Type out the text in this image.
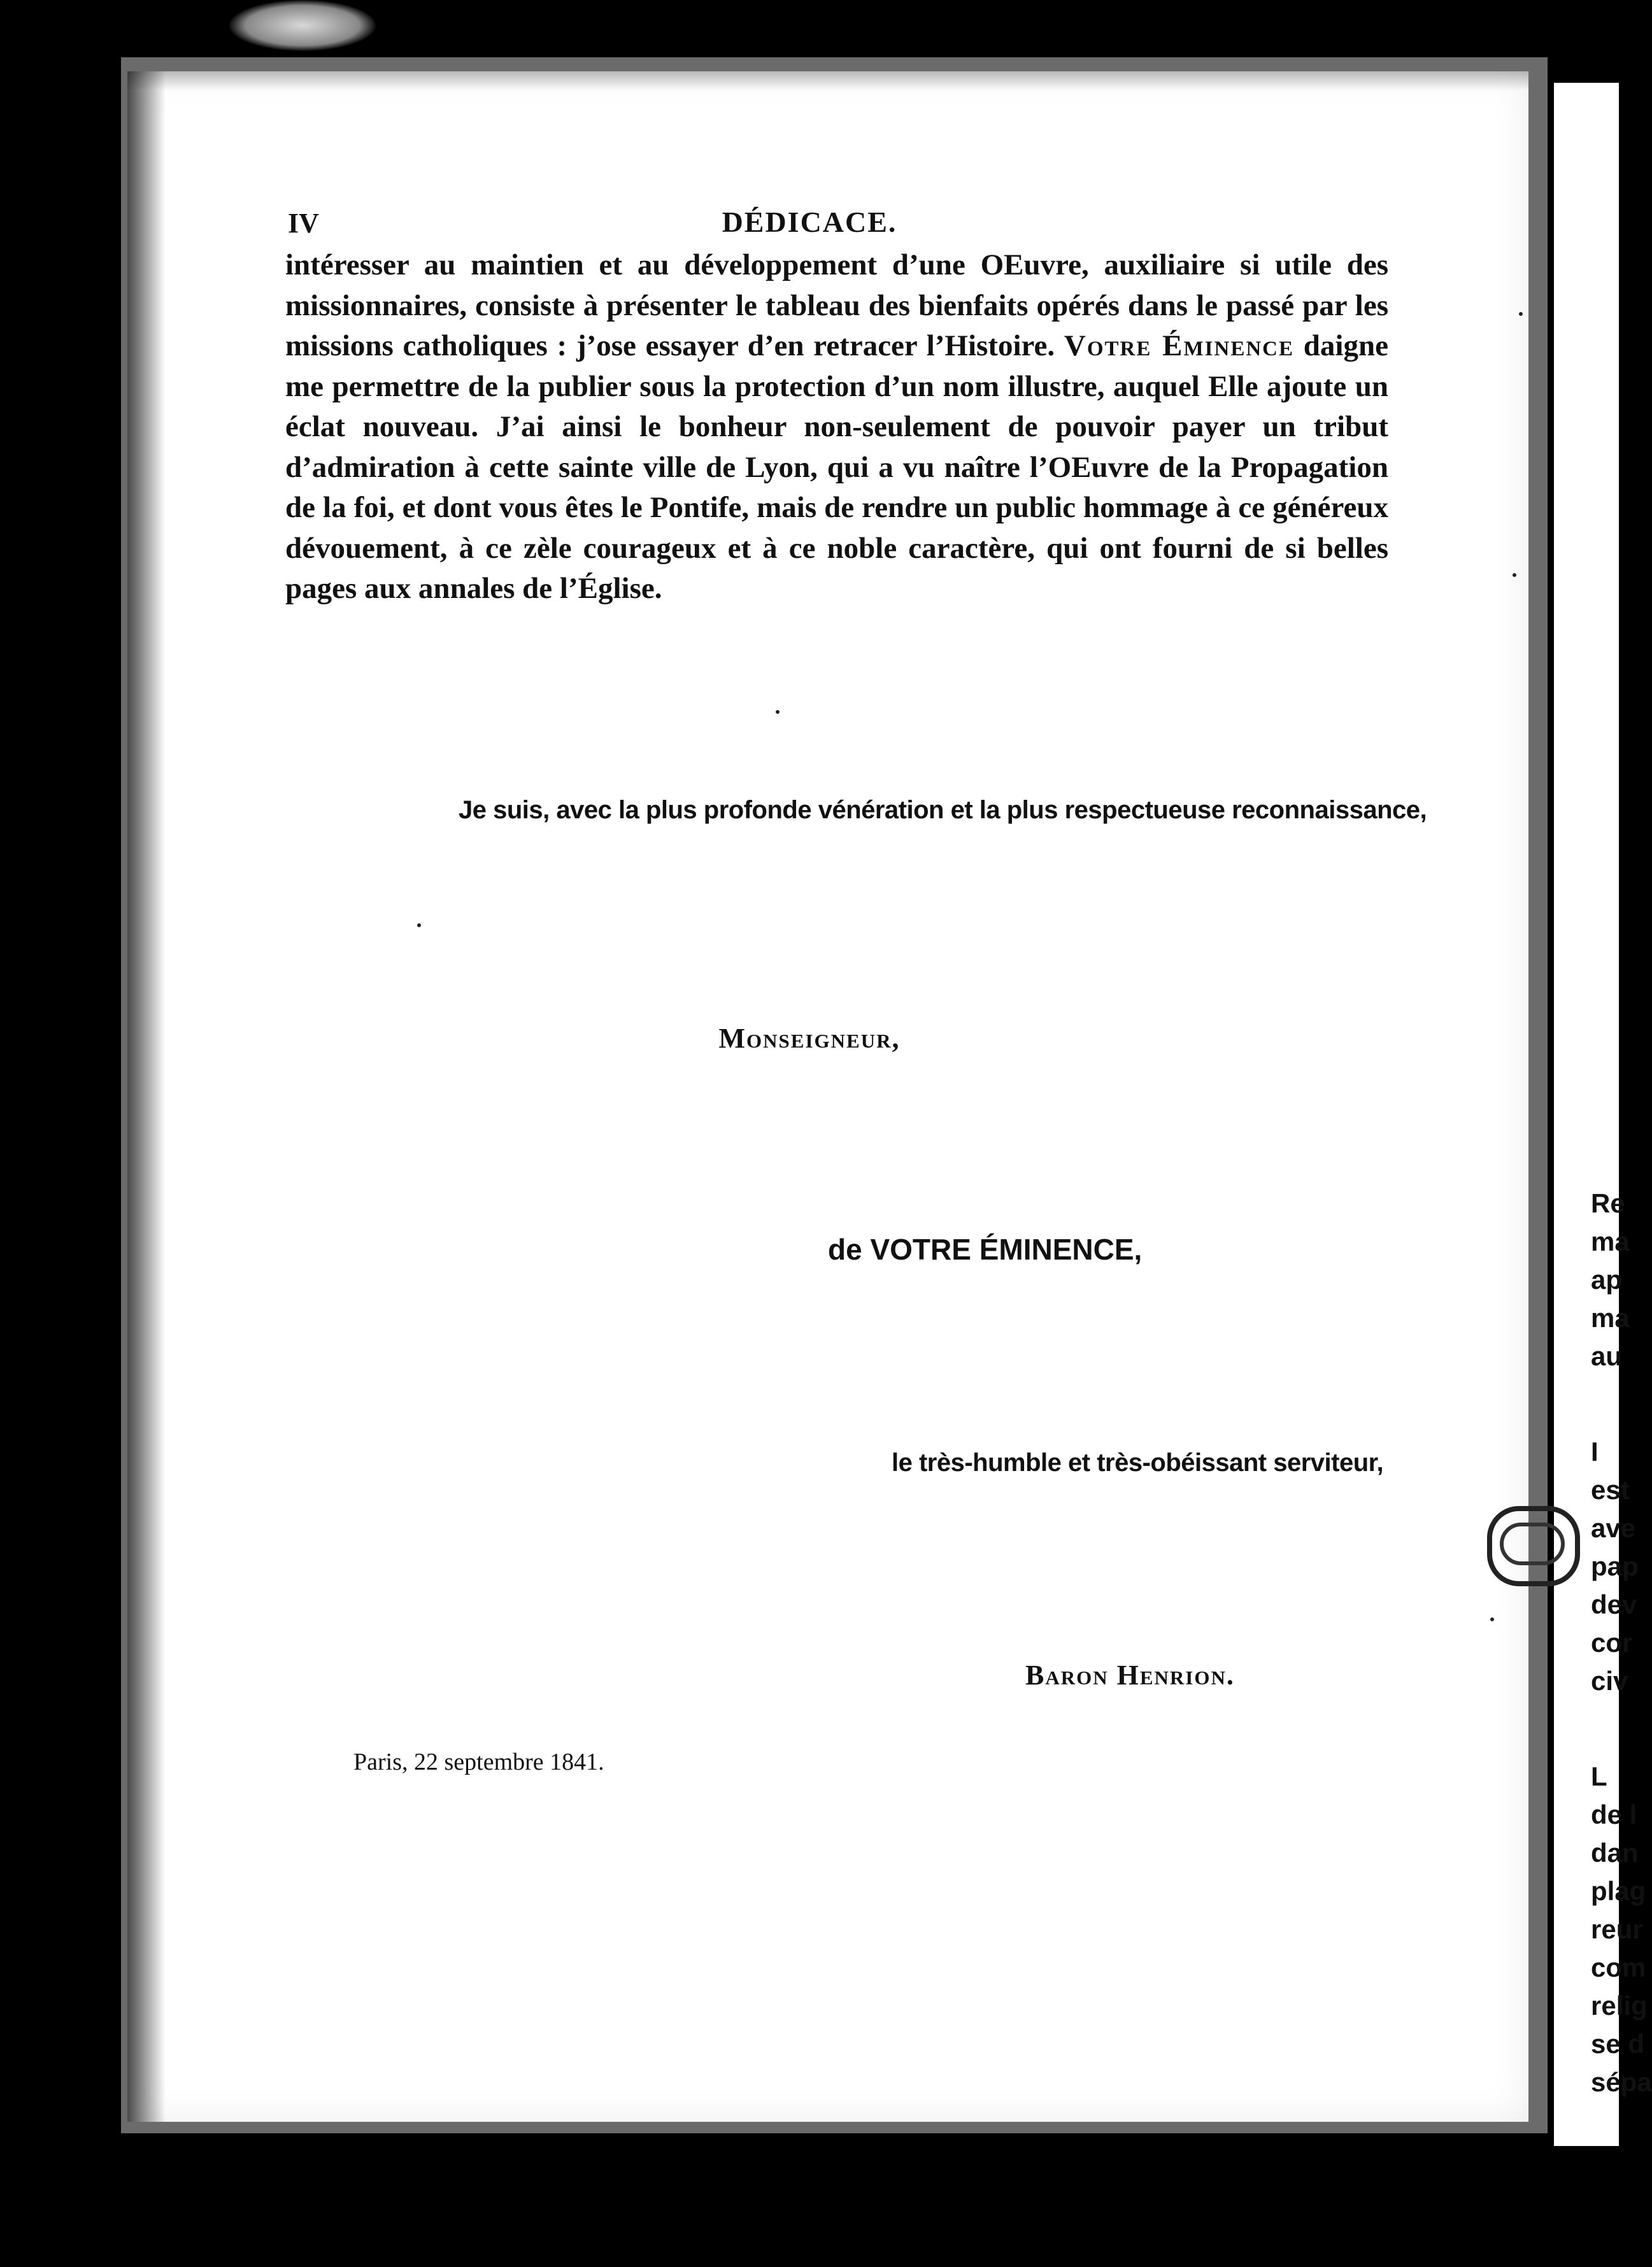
IV	DÉDICACE.

intéresser au maintien et au développement d’une OEuvre, auxiliaire si utile des missionnaires, consiste à présenter le tableau des bienfaits opérés dans le passé par les missions catholiques : j’ose essayer d’en retracer l’Histoire. Votre Éminence daigne me permettre de la publier sous la protection d’un nom illustre, auquel Elle ajoute un éclat nouveau. J’ai ainsi le bonheur non-seulement de pouvoir payer un tribut d’admiration à cette sainte ville de Lyon, qui a vu naître l’OEuvre de la Propagation de la foi, et dont vous êtes le Pontife, mais de rendre un public hommage à ce généreux dévouement, à ce zèle courageux et à ce noble caractère, qui ont fourni de si belles pages aux annales de l’Église.

Je suis, avec la plus profonde vénération et la plus respectueuse reconnaissance,
Monseigneur,
de VOTRE ÉMINENCE,
le très-humble et très-obéissant serviteur,
Baron Henrion.
Paris, 22 septembre 1841.
Re
ma
ap
ma
au
I
est
ave
pap
dev
cor
civ
L
de l
dan
plag
reur
com
relig
se d
sépa
